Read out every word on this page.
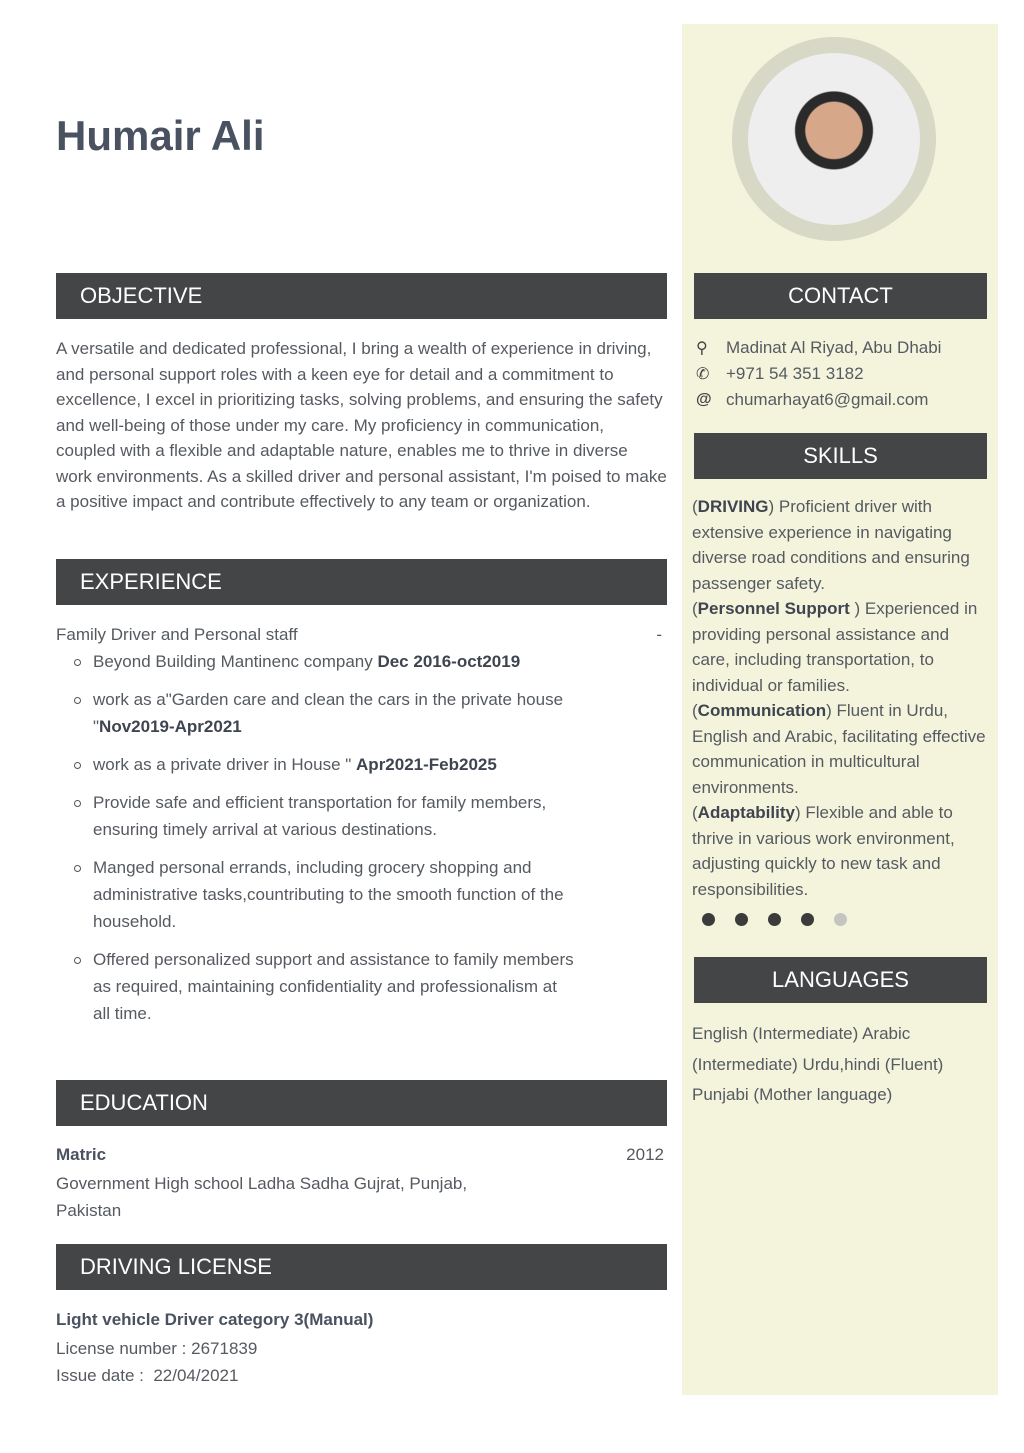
Humair Ali
OBJECTIVE
A versatile and dedicated professional, I bring a wealth of experience in driving, and personal support roles with a keen eye for detail and a commitment to excellence, I excel in prioritizing tasks, solving problems, and ensuring the safety and well-being of those under my care. My proficiency in communication, coupled with a flexible and adaptable nature, enables me to thrive in diverse work environments. As a skilled driver and personal assistant, I'm poised to make a positive impact and contribute effectively to any team or organization.
EXPERIENCE
Family Driver and Personal staff	-
Beyond Building Mantinenc company Dec 2016-oct2019
work as a"Garden care and clean the cars in the private house "Nov2019-Apr2021
work as a private driver in House " Apr2021-Feb2025
Provide safe and efficient transportation for family members, ensuring timely arrival at various destinations.
Manged personal errands, including grocery shopping and administrative tasks,countributing to the smooth function of the household.
Offered personalized support and assistance to family members as required, maintaining confidentiality and professionalism at all time.
EDUCATION
Matric	2012
Government High school Ladha Sadha Gujrat, Punjab, Pakistan
DRIVING LICENSE
Light vehicle Driver category 3(Manual)
License number : 2671839
Issue date : 22/04/2021
CONTACT
⚲	Madinat Al Riyad, Abu Dhabi
✆ +971 54 351 3182
@ chumarhayat6@gmail.com
SKILLS
(DRIVING) Proficient driver with extensive experience in navigating diverse road conditions and ensuring passenger safety.
(Personnel Support ) Experienced in providing personal assistance and care, including transportation, to individual or families.
(Communication) Fluent in Urdu, English and Arabic, facilitating effective communication in multicultural environments.
(Adaptability) Flexible and able to thrive in various work environment, adjusting quickly to new task and responsibilities.

LANGUAGES
English (Intermediate) Arabic (Intermediate) Urdu,hindi (Fluent) Punjabi (Mother language)
